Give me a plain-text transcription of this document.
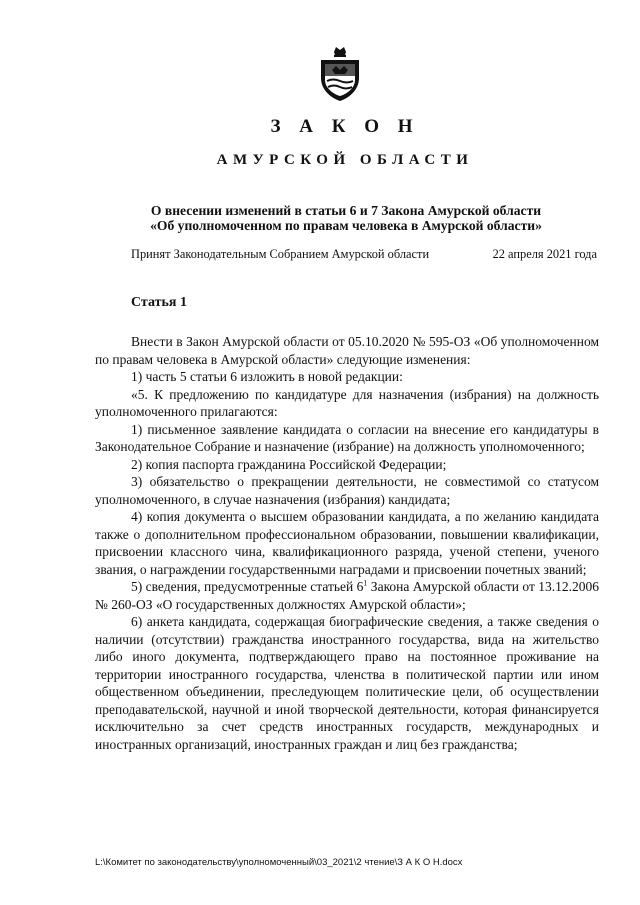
З А К О Н
АМУРСКОЙ ОБЛАСТИ
О внесении изменений в статьи 6 и 7 Закона Амурской области
«Об уполномоченном по правам человека в Амурской области»
Принят Законодательным Собранием Амурской области	22 апреля 2021 года
Статья 1

Внести в Закон Амурской области от 05.10.2020 № 595-ОЗ «Об уполномоченном по правам человека в Амурской области» следующие изменения:

1) часть 5 статьи 6 изложить в новой редакции:

«5. К предложению по кандидатуре для назначения (избрания) на должность уполномоченного прилагаются:

1) письменное заявление кандидата о согласии на внесение его кандидатуры в Законодательное Собрание и назначение (избрание) на должность уполномоченного;

2) копия паспорта гражданина Российской Федерации;

3) обязательство о прекращении деятельности, не совместимой со статусом уполномоченного, в случае назначения (избрания) кандидата;

4) копия документа о высшем образовании кандидата, а по желанию кандидата также о дополнительном профессиональном образовании, повышении квалификации, присвоении классного чина, квалификационного разряда, ученой степени, ученого звания, о награждении государственными наградами и присвоении почетных званий;

5) сведения, предусмотренные статьей $6^1$ Закона Амурской области от 13.12.2006 № 260-ОЗ «О государственных должностях Амурской области»;

6) анкета кандидата, содержащая биографические сведения, а также сведения о наличии (отсутствии) гражданства иностранного государства, вида на жительство либо иного документа, подтверждающего право на постоянное проживание на территории иностранного государства, членства в политической партии или ином общественном объединении, преследующем политические цели, об осуществлении преподавательской, научной и иной творческой деятельности, которая финансируется исключительно за счет средств иностранных государств, международных и иностранных организаций, иностранных граждан и лиц без гражданства;

L:\Комитет по законодательству\уполномоченный\03_2021\2 чтение\З А К О Н.docx
